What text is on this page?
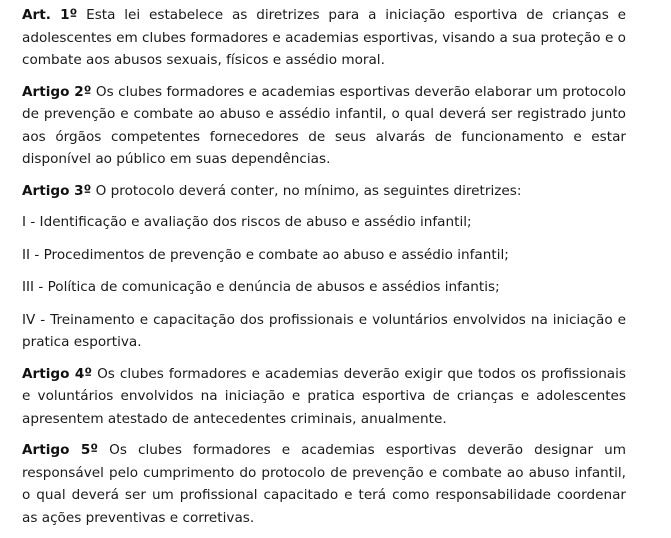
Art. 1º Esta lei estabelece as diretrizes para a iniciação esportiva de crianças e adolescentes em clubes formadores e academias esportivas, visando a sua proteção e o combate aos abusos sexuais, físicos e assédio moral.

Artigo 2º Os clubes formadores e academias esportivas deverão elaborar um protocolo de prevenção e combate ao abuso e assédio infantil, o qual deverá ser registrado junto aos órgãos competentes fornecedores de seus alvarás de funcionamento e estar disponível ao público em suas dependências.

Artigo 3º O protocolo deverá conter, no mínimo, as seguintes diretrizes:

I - Identificação e avaliação dos riscos de abuso e assédio infantil;

II - Procedimentos de prevenção e combate ao abuso e assédio infantil;

III - Política de comunicação e denúncia de abusos e assédios infantis;

IV - Treinamento e capacitação dos profissionais e voluntários envolvidos na iniciação e pratica esportiva.

Artigo 4º Os clubes formadores e academias deverão exigir que todos os profissionais e voluntários envolvidos na iniciação e pratica esportiva de crianças e adolescentes apresentem atestado de antecedentes criminais, anualmente.

Artigo 5º Os clubes formadores e academias esportivas deverão designar um responsável pelo cumprimento do protocolo de prevenção e combate ao abuso infantil, o qual deverá ser um profissional capacitado e terá como responsabilidade coordenar as ações preventivas e corretivas.
